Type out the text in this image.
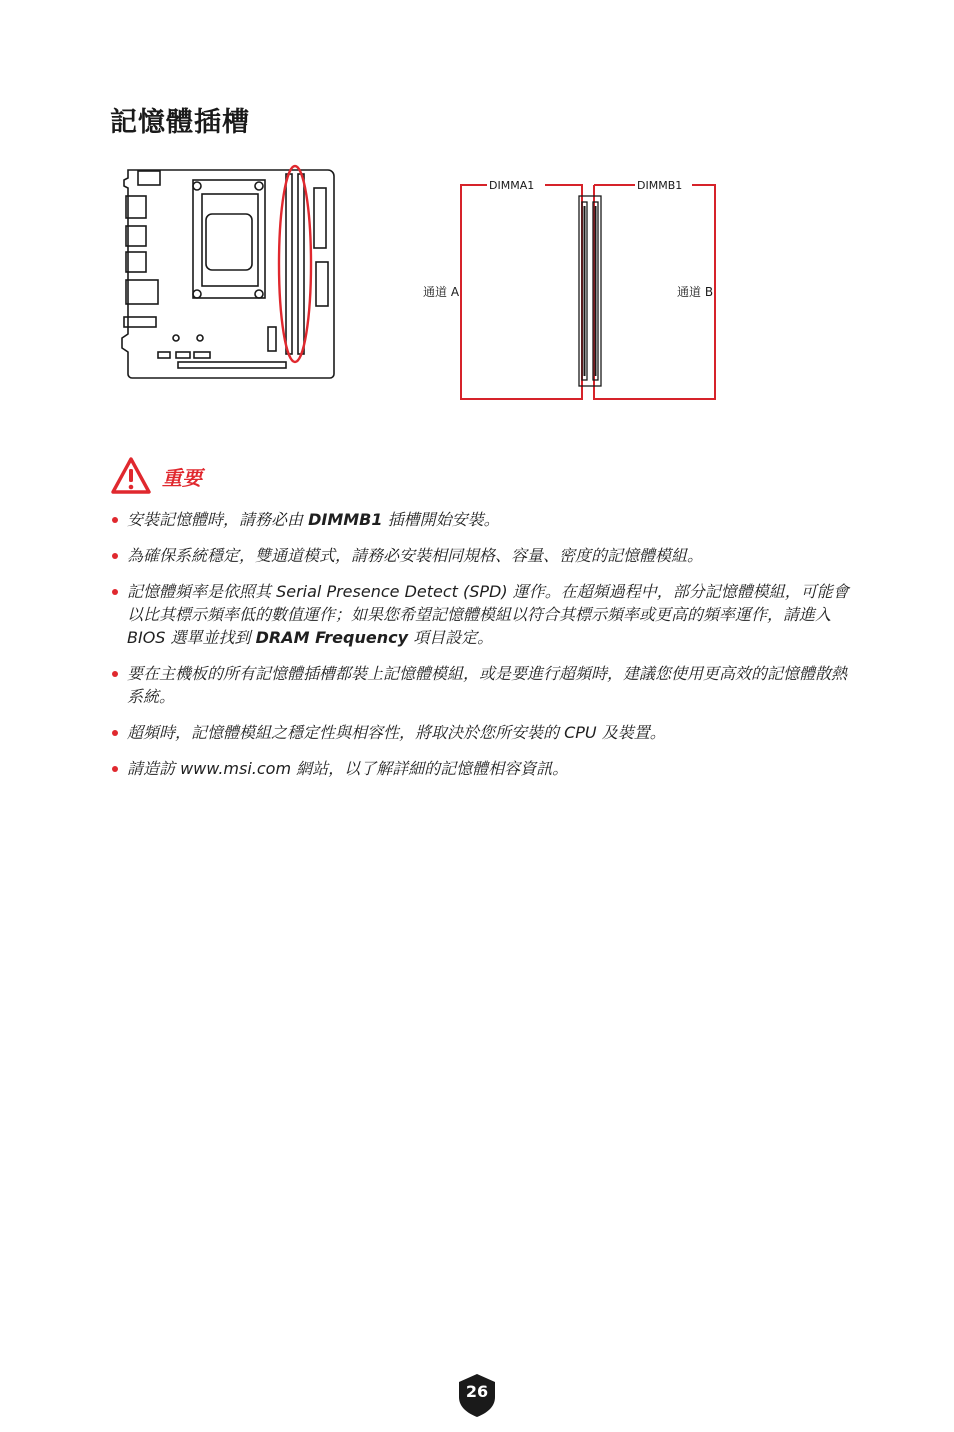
記憶體插槽
DIMMA1	DIMMB1
通道 A	通道 B
重要
安裝記憶體時，請務必由 DIMMB1 插槽開始安裝。
為確保系統穩定，雙通道模式，請務必安裝相同規格、容量、密度的記憶體模組。
記憶體頻率是依照其 Serial Presence Detect (SPD) 運作。在超頻過程中，部分記憶體模組，可能會以比其標示頻率低的數值運作；如果您希望記憶體模組以符合其標示頻率或更高的頻率運作，請進入 BIOS 選單並找到 DRAM Frequency 項目設定。
要在主機板的所有記憶體插槽都裝上記憶體模組，或是要進行超頻時，建議您使用更高效的記憶體散熱系統。
超頻時，記憶體模組之穩定性與相容性，將取決於您所安裝的 CPU 及裝置。
請造訪 www.msi.com 網站，以了解詳細的記憶體相容資訊。
26
